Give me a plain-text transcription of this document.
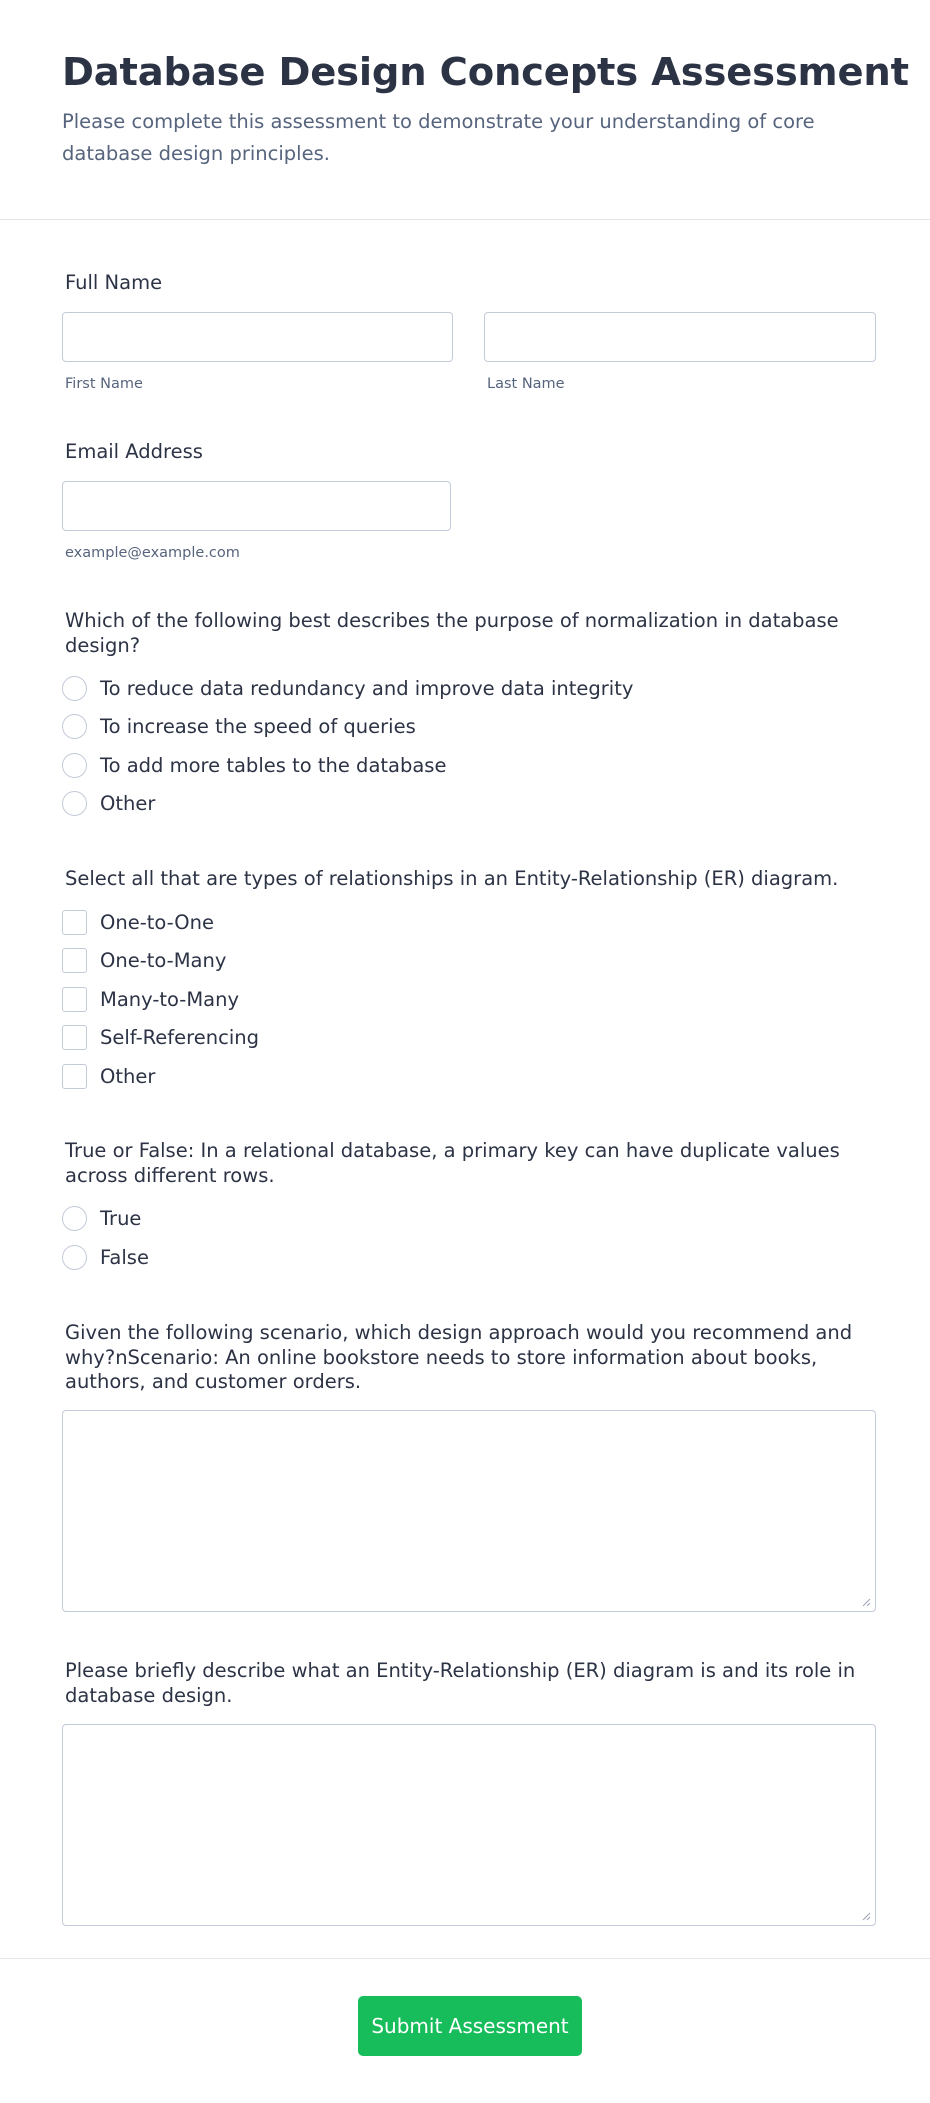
Database Design Concepts Assessment

Please complete this assessment to demonstrate your understanding of core database design principles.

Full Name
First Name	Last Name
Email Address
example@example.com
Which of the following best describes the purpose of normalization in database design?
To reduce data redundancy and improve data integrity
To increase the speed of queries
To add more tables to the database
Other
Select all that are types of relationships in an Entity-Relationship (ER) diagram.
One-to-One
One-to-Many
Many-to-Many
Self-Referencing
Other
True or False: In a relational database, a primary key can have duplicate values across different rows.
True
False
Given the following scenario, which design approach would you recommend and why?nScenario: An online bookstore needs to store information about books, authors, and customer orders.
Please briefly describe what an Entity-Relationship (ER) diagram is and its role in database design.
Submit Assessment
